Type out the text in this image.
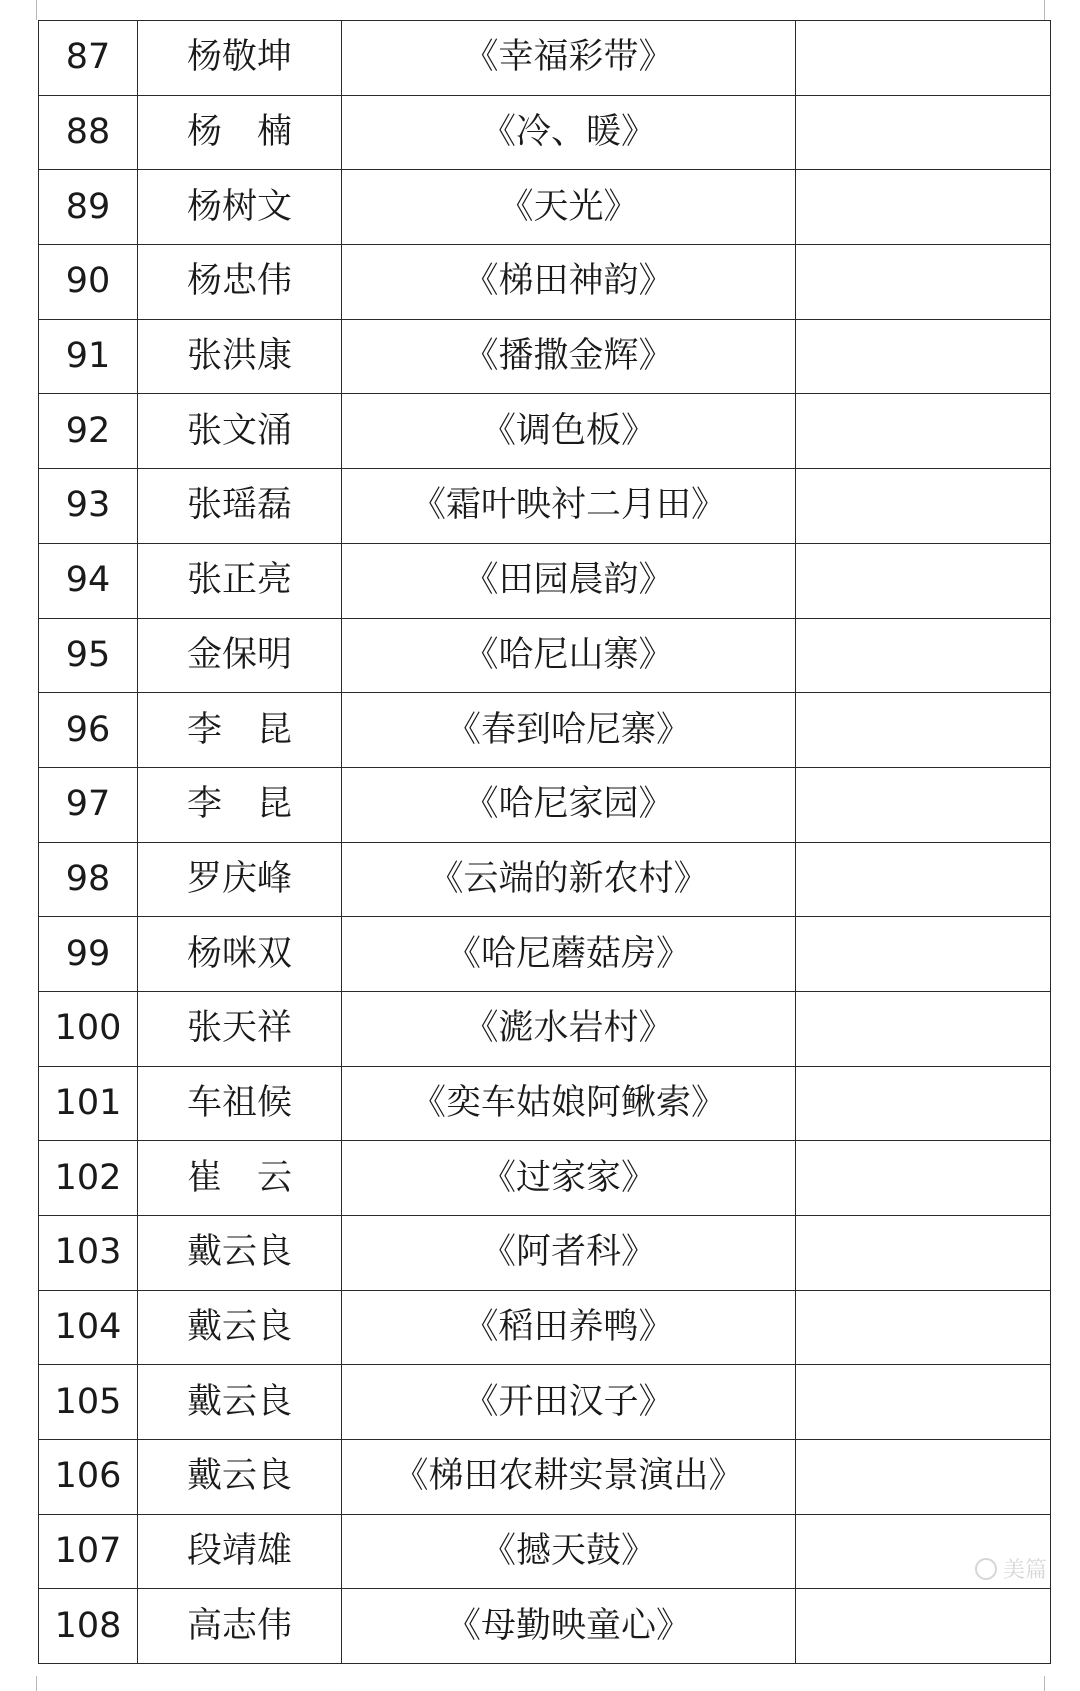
87	杨敬坤	《幸福彩带》	
88	杨　楠	《冷、暖》	
89	杨树文	《天光》	
90	杨忠伟	《梯田神韵》	
91	张洪康	《播撒金辉》	
92	张文涌	《调色板》	
93	张瑶磊	《霜叶映衬二月田》	
94	张正亮	《田园晨韵》	
95	金保明	《哈尼山寨》	
96	李　昆	《春到哈尼寨》	
97	李　昆	《哈尼家园》	
98	罗庆峰	《云端的新农村》	
99	杨咪双	《哈尼蘑菇房》	
100	张天祥	《滮水岩村》	
101	车祖候	《奕车姑娘阿鳅索》	
102	崔　云	《过家家》	
103	戴云良	《阿者科》	
104	戴云良	《稻田养鸭》	
105	戴云良	《开田汉子》	
106	戴云良	《梯田农耕实景演出》	
107	段靖雄	《撼天鼓》	
108	高志伟	《母勤映童心》	
美篇
